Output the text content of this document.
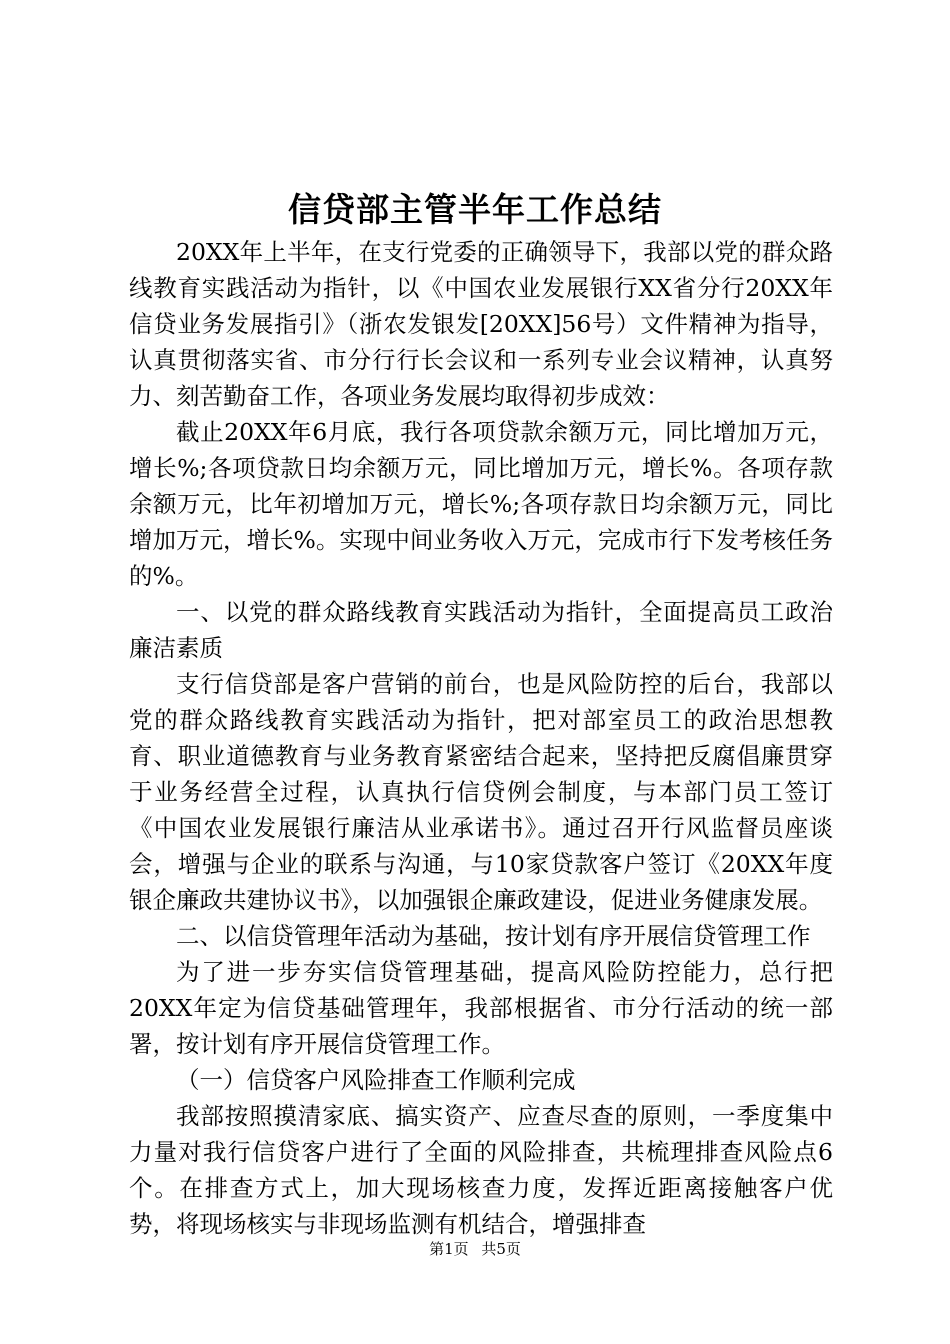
信贷部主管半年工作总结

20XX年上半年，在支行党委的正确领导下，我部以党的群众路线教育实践活动为指针，以《中国农业发展银行XX省分行20XX年信贷业务发展指引》（浙农发银发[20XX]56号）文件精神为指导，认真贯彻落实省、市分行行长会议和一系列专业会议精神，认真努力、刻苦勤奋工作，各项业务发展均取得初步成效：

截止20XX年6月底，我行各项贷款余额万元，同比增加万元，增长%;各项贷款日均余额万元，同比增加万元，增长%。各项存款余额万元，比年初增加万元，增长%;各项存款日均余额万元，同比增加万元，增长%。实现中间业务收入万元，完成市行下发考核任务的%。

一、以党的群众路线教育实践活动为指针，全面提高员工政治廉洁素质

支行信贷部是客户营销的前台，也是风险防控的后台，我部以党的群众路线教育实践活动为指针，把对部室员工的政治思想教育、职业道德教育与业务教育紧密结合起来，坚持把反腐倡廉贯穿于业务经营全过程，认真执行信贷例会制度，与本部门员工签订《中国农业发展银行廉洁从业承诺书》。通过召开行风监督员座谈会，增强与企业的联系与沟通，与10家贷款客户签订《20XX年度银企廉政共建协议书》，以加强银企廉政建设，促进业务健康发展。

二、以信贷管理年活动为基础，按计划有序开展信贷管理工作

为了进一步夯实信贷管理基础，提高风险防控能力，总行把20XX年定为信贷基础管理年，我部根据省、市分行活动的统一部署，按计划有序开展信贷管理工作。

（一）信贷客户风险排查工作顺利完成

我部按照摸清家底、搞实资产、应查尽查的原则，一季度集中力量对我行信贷客户进行了全面的风险排查，共梳理排查风险点6个。在排查方式上，加大现场核查力度，发挥近距离接触客户优势，将现场核实与非现场监测有机结合，增强排查

第1页 共5页
